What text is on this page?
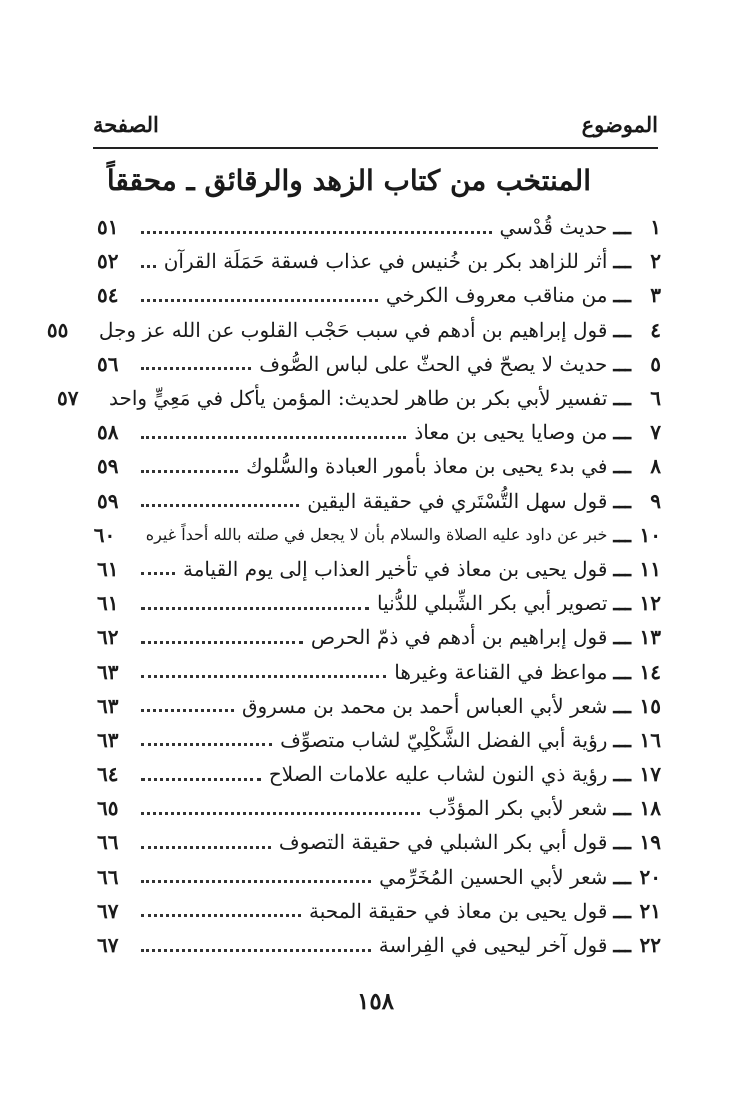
الموضوع
الصفحة
المنتخب من كتاب الزهد والرقائق ـ محققاً
١
ـــ
حديث قُدْسي
٥١
٢
ـــ
أثر للزاهد بكر بن خُنيس في عذاب فسقة حَمَلَة القرآن
٥٢
٣
ـــ
من مناقب معروف الكرخي
٥٤
٤
ـــ
قول إبراهيم بن أدهم في سبب حَجْب القلوب عن الله عز وجل
٥٥
٥
ـــ
حديث لا يصحّ في الحثّ على لباس الصُّوف
٥٦
٦
ـــ
تفسير لأبي بكر بن طاهر لحديث: المؤمن يأكل في مَعِيٍّ واحد
٥٧
٧
ـــ
من وصايا يحيى بن معاذ
٥٨
٨
ـــ
في بدء يحيى بن معاذ بأمور العبادة والسُّلوك
٥٩
٩
ـــ
قول سهل التُّسْتَري في حقيقة اليقين
٥٩
١٠
ـــ
خبر عن داود عليه الصلاة والسلام بأن لا يجعل في صلته بالله أحداً غيره
٦٠
١١
ـــ
قول يحيى بن معاذ في تأخير العذاب إلى يوم القيامة
٦١
١٢
ـــ
تصوير أبي بكر الشِّبلي للدُّنيا
٦١
١٣
ـــ
قول إبراهيم بن أدهم في ذمّ الحرص
٦٢
١٤
ـــ
مواعظ في القناعة وغيرها
٦٣
١٥
ـــ
شعر لأبي العباس أحمد بن محمد بن مسروق
٦٣
١٦
ـــ
رؤية أبي الفضل الشَّكْلِيّ لشاب متصوِّف
٦٣
١٧
ـــ
رؤية ذي النون لشاب عليه علامات الصلاح
٦٤
١٨
ـــ
شعر لأبي بكر المؤدِّب
٦٥
١٩
ـــ
قول أبي بكر الشبلي في حقيقة التصوف
٦٦
٢٠
ـــ
شعر لأبي الحسين المُخَرِّمي
٦٦
٢١
ـــ
قول يحيى بن معاذ في حقيقة المحبة
٦٧
٢٢
ـــ
قول آخر ليحيى في الفِراسة
٦٧
١٥٨
